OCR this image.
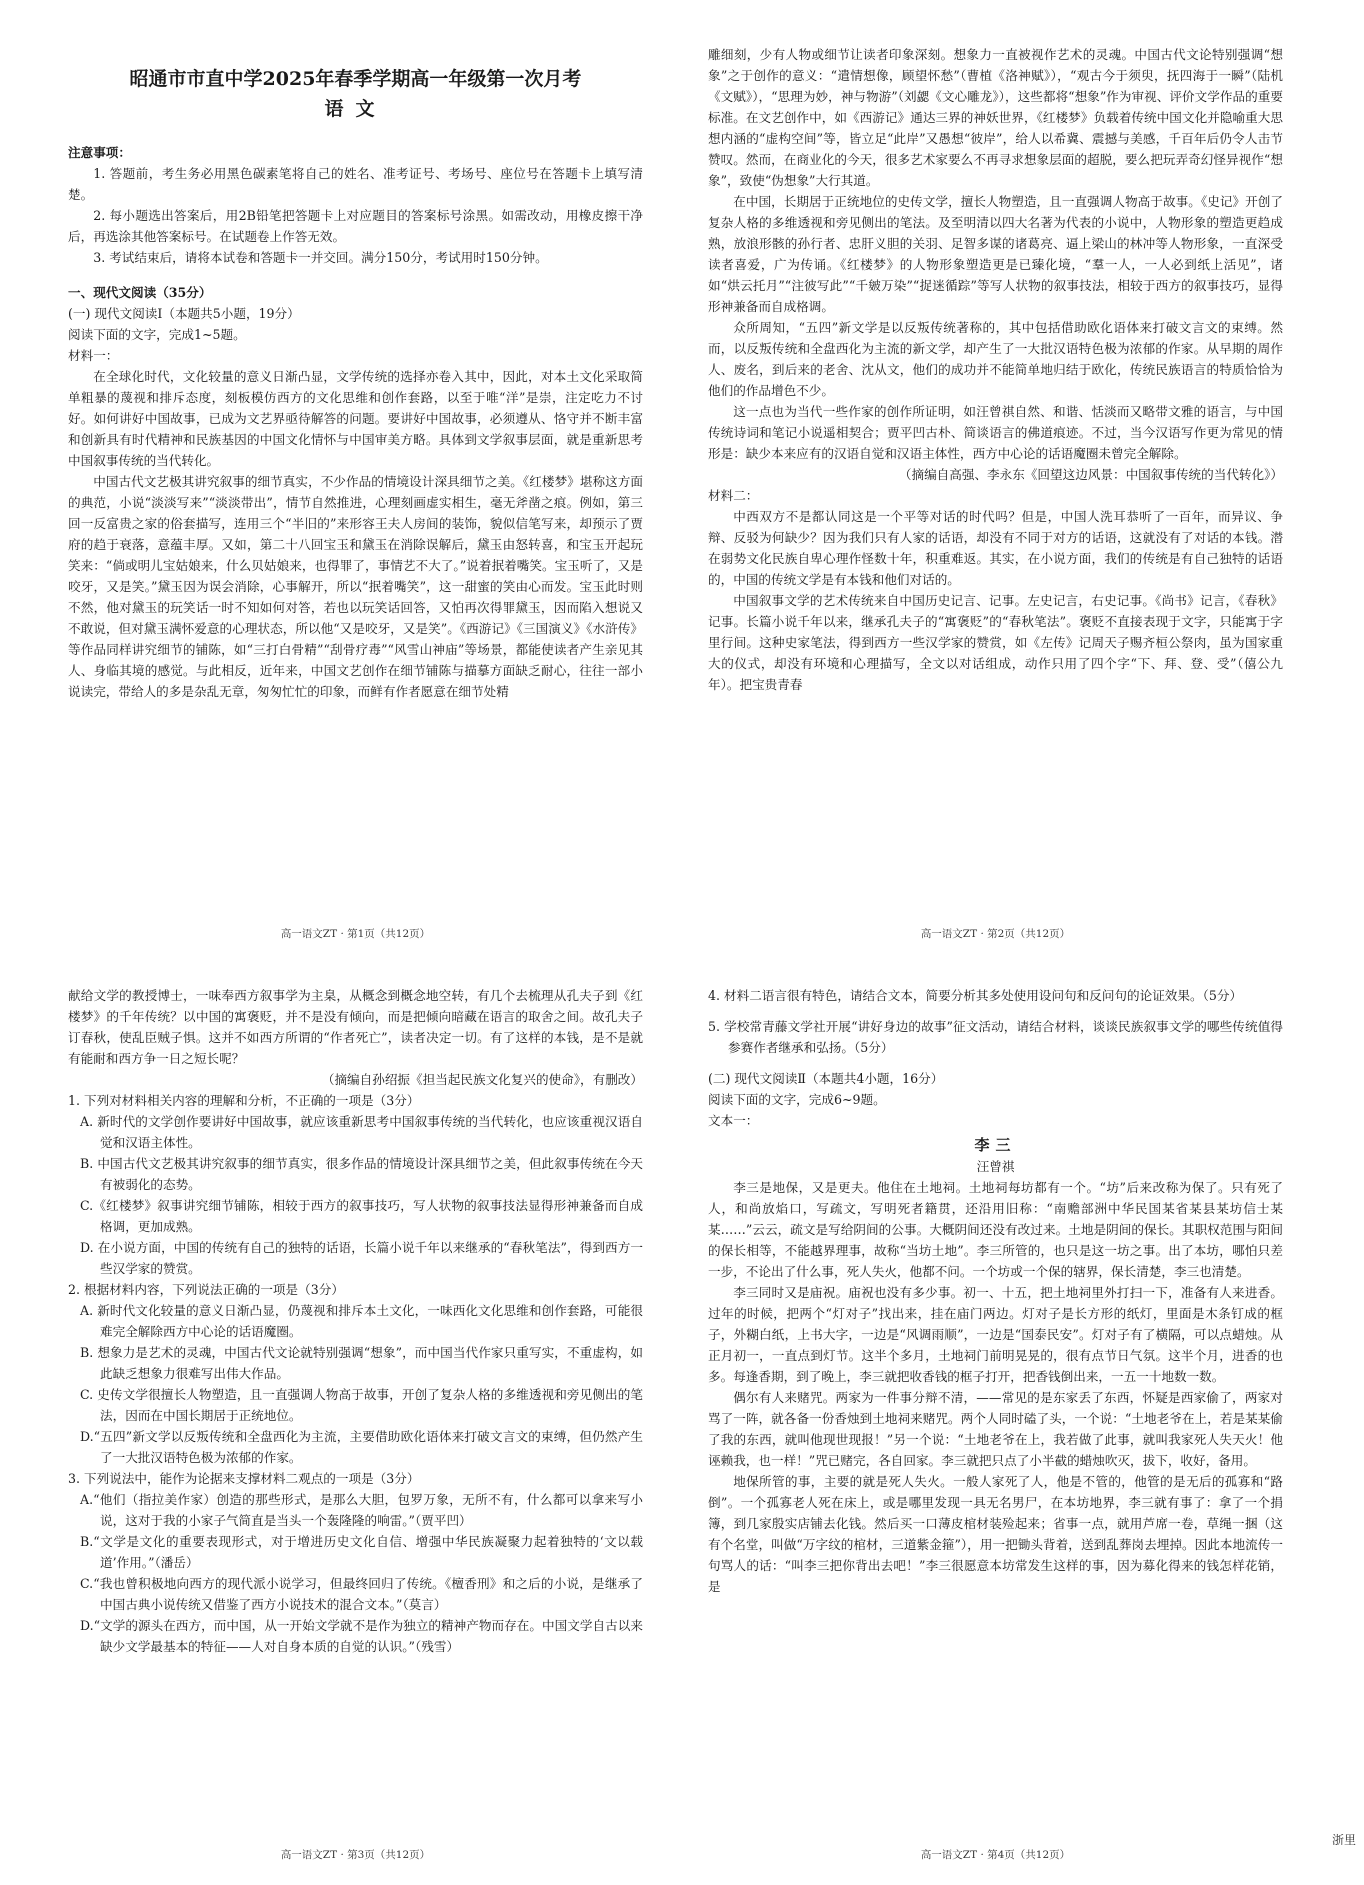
昭通市市直中学2025年春季学期高一年级第一次月考

语文

注意事项：

1. 答题前，考生务必用黑色碳素笔将自己的姓名、准考证号、考场号、座位号在答题卡上填写清楚。

2. 每小题选出答案后，用2B铅笔把答题卡上对应题目的答案标号涂黑。如需改动，用橡皮擦干净后，再选涂其他答案标号。在试题卷上作答无效。

3. 考试结束后，请将本试卷和答题卡一并交回。满分150分，考试用时150分钟。

一、现代文阅读（35分）

(一) 现代文阅读Ⅰ（本题共5小题，19分）

阅读下面的文字，完成1~5题。

材料一：

在全球化时代，文化较量的意义日渐凸显，文学传统的选择亦卷入其中，因此，对本土文化采取简单粗暴的蔑视和排斥态度，刻板模仿西方的文化思维和创作套路，以至于唯“洋”是崇，注定吃力不讨好。如何讲好中国故事，已成为文艺界亟待解答的问题。要讲好中国故事，必须遵从、恪守并不断丰富和创新具有时代精神和民族基因的中国文化情怀与中国审美方略。具体到文学叙事层面，就是重新思考中国叙事传统的当代转化。

中国古代文艺极其讲究叙事的细节真实，不少作品的情境设计深具细节之美。《红楼梦》堪称这方面的典范，小说“淡淡写来”“淡淡带出”，情节自然推进，心理刻画虚实相生，毫无斧凿之痕。例如，第三回一反富贵之家的俗套描写，连用三个“半旧的”来形容王夫人房间的装饰，貌似信笔写来，却预示了贾府的趋于衰落，意蕴丰厚。又如，第二十八回宝玉和黛玉在消除误解后，黛玉由怒转喜，和宝玉开起玩笑来：“倘或明儿宝姑娘来，什么贝姑娘来，也得罪了，事情艺不大了。”说着抿着嘴笑。宝玉听了，又是咬牙，又是笑。”黛玉因为误会消除，心事解开，所以“抿着嘴笑”，这一甜蜜的笑由心而发。宝玉此时则不然，他对黛玉的玩笑话一时不知如何对答，若也以玩笑话回答，又怕再次得罪黛玉，因而陷入想说又不敢说，但对黛玉满怀爱意的心理状态，所以他“又是咬牙，又是笑”。《西游记》《三国演义》《水浒传》等作品同样讲究细节的铺陈，如“三打白骨精”“刮骨疗毒”“风雪山神庙”等场景，都能使读者产生亲见其人、身临其境的感觉。与此相反，近年来，中国文艺创作在细节铺陈与描摹方面缺乏耐心，往往一部小说读完，带给人的多是杂乱无章，匆匆忙忙的印象，而鲜有作者愿意在细节处精

高一语文ZT · 第1页（共12页）

雕细刻，少有人物或细节让读者印象深刻。想象力一直被视作艺术的灵魂。中国古代文论特别强调“想象”之于创作的意义：“遣情想像，顾望怀愁”（曹植《洛神赋》），“观古今于须臾，抚四海于一瞬”（陆机《文赋》），“思理为妙，神与物游”（刘勰《文心雕龙》），这些都将“想象”作为审视、评价文学作品的重要标准。在文艺创作中，如《西游记》通达三界的神妖世界，《红楼梦》负载着传统中国文化并隐喻重大思想内涵的“虚构空间”等，皆立足“此岸”又愚想“彼岸”，给人以希冀、震撼与美感，千百年后仍令人击节赞叹。然而，在商业化的今天，很多艺术家要么不再寻求想象层面的超脱，要么把玩弄奇幻怪异视作“想象”，致使“伪想象”大行其道。

在中国，长期居于正统地位的史传文学，擅长人物塑造，且一直强调人物高于故事。《史记》开创了复杂人格的多维透视和旁见侧出的笔法。及至明清以四大名著为代表的小说中，人物形象的塑造更趋成熟，放浪形骸的孙行者、忠肝义胆的关羽、足智多谋的诸葛亮、逼上梁山的林冲等人物形象，一直深受读者喜爱，广为传诵。《红楼梦》的人物形象塑造更是已臻化境，“羣一人，一人必到纸上活见”，诸如“烘云托月”“注彼写此”“千皴万染”“捉迷循踪”等写人状物的叙事技法，相较于西方的叙事技巧，显得形神兼备而自成格调。

众所周知，“五四”新文学是以反叛传统著称的，其中包括借助欧化语体来打破文言文的束缚。然而，以反叛传统和全盘西化为主流的新文学，却产生了一大批汉语特色极为浓郁的作家。从早期的周作人、废名，到后来的老舍、沈从文，他们的成功并不能简单地归结于欧化，传统民族语言的特质恰恰为他们的作品增色不少。

这一点也为当代一些作家的创作所证明，如汪曾祺自然、和谐、恬淡而又略带文雅的语言，与中国传统诗词和笔记小说遥相契合；贾平凹古朴、简谈语言的佛道痕迹。不过，当今汉语写作更为常见的情形是：缺少本来应有的汉语自觉和汉语主体性，西方中心论的话语魔圈未曾完全解除。

（摘编自高强、李永东《回望这边风景：中国叙事传统的当代转化》）

材料二：

中西双方不是都认同这是一个平等对话的时代吗？但是，中国人洗耳恭听了一百年，而异议、争辩、反驳为何缺少？因为我们只有人家的话语，却没有不同于对方的话语，这就没有了对话的本钱。潜在弱势文化民族自卑心理作怪数十年，积重难返。其实，在小说方面，我们的传统是有自己独特的话语的，中国的传统文学是有本钱和他们对话的。

中国叙事文学的艺术传统来自中国历史记言、记事。左史记言，右史记事。《尚书》记言，《春秋》记事。长篇小说千年以来，继承孔夫子的“寓褒贬”的“春秋笔法”。褒贬不直接表现于文字，只能寓于字里行间。这种史家笔法，得到西方一些汉学家的赞赏，如《左传》记周天子赐齐桓公祭肉，虽为国家重大的仪式，却没有环境和心理描写，全文以对话组成，动作只用了四个字“下、拜、登、受”（僖公九年）。把宝贵青春

高一语文ZT · 第2页（共12页）

献给文学的教授博士，一味奉西方叙事学为主臬，从概念到概念地空转，有几个去梳理从孔夫子到《红楼梦》的千年传统？以中国的寓褒贬，并不是没有倾向，而是把倾向暗藏在语言的取舍之间。故孔夫子订春秋，使乱臣贼子惧。这并不如西方所谓的“作者死亡”，读者决定一切。有了这样的本钱，是不是就有能耐和西方争一日之短长呢？

（摘编自孙绍振《担当起民族文化复兴的使命》，有删改）

1. 下列对材料相关内容的理解和分析，不正确的一项是（3分）

A. 新时代的文学创作要讲好中国故事，就应该重新思考中国叙事传统的当代转化，也应该重视汉语自觉和汉语主体性。

B. 中国古代文艺极其讲究叙事的细节真实，很多作品的情境设计深具细节之美，但此叙事传统在今天有被弱化的态势。

C.《红楼梦》叙事讲究细节铺陈，相较于西方的叙事技巧，写人状物的叙事技法显得形神兼备而自成格调，更加成熟。

D. 在小说方面，中国的传统有自己的独特的话语，长篇小说千年以来继承的“春秋笔法”，得到西方一些汉学家的赞赏。

2. 根据材料内容，下列说法正确的一项是（3分）

A. 新时代文化较量的意义日渐凸显，仍蔑视和排斥本土文化，一味西化文化思维和创作套路，可能很难完全解除西方中心论的话语魔圈。

B. 想象力是艺术的灵魂，中国古代文论就特别强调“想象”，而中国当代作家只重写实，不重虚构，如此缺乏想象力很难写出伟大作品。

C. 史传文学很擅长人物塑造，且一直强调人物高于故事，开创了复杂人格的多维透视和旁见侧出的笔法，因而在中国长期居于正统地位。

D.“五四”新文学以反叛传统和全盘西化为主流，主要借助欧化语体来打破文言文的束缚，但仍然产生了一大批汉语特色极为浓郁的作家。

3. 下列说法中，能作为论据来支撑材料二观点的一项是（3分）

A.“他们（指拉美作家）创造的那些形式，是那么大胆，包罗万象，无所不有，什么都可以拿来写小说，这对于我的小家子气简直是当头一个轰隆隆的响雷。”（贾平凹）

B.“文学是文化的重要表现形式，对于增进历史文化自信、增强中华民族凝聚力起着独特的‘文以载道’作用。”（潘岳）

C.“我也曾积极地向西方的现代派小说学习，但最终回归了传统。《檀香刑》和之后的小说，是继承了中国古典小说传统又借鉴了西方小说技术的混合文本。”（莫言）

D.“文学的源头在西方，而中国，从一开始文学就不是作为独立的精神产物而存在。中国文学自古以来缺少文学最基本的特征——人对自身本质的自觉的认识。”（残雪）

高一语文ZT · 第3页（共12页）

4. 材料二语言很有特色，请结合文本，简要分析其多处使用设问句和反问句的论证效果。（5分）

5. 学校常青藤文学社开展“讲好身边的故事”征文活动，请结合材料，谈谈民族叙事文学的哪些传统值得参赛作者继承和弘扬。（5分）

(二) 现代文阅读Ⅱ（本题共4小题，16分）

阅读下面的文字，完成6~9题。

文本一：

李三

汪曾祺

李三是地保，又是更夫。他住在土地祠。土地祠每坊都有一个。“坊”后来改称为保了。只有死了人，和尚放焰口，写疏文，写明死者籍贯，还沿用旧称：“南赡部洲中华民国某省某县某坊信士某某……”云云，疏文是写给阴间的公事。大概阴间还没有改过来。土地是阴间的保长。其职权范围与阳间的保长相等，不能越界理事，故称“当坊土地”。李三所管的，也只是这一坊之事。出了本坊，哪怕只差一步，不论出了什么事，死人失火，他都不问。一个坊或一个保的辖界，保长清楚，李三也清楚。

李三同时又是庙祝。庙祝也没有多少事。初一、十五，把土地祠里外打扫一下，准备有人来进香。过年的时候，把两个“灯对子”找出来，挂在庙门两边。灯对子是长方形的纸灯，里面是木条钉成的框子，外糊白纸，上书大字，一边是“风调雨顺”，一边是“国泰民安”。灯对子有了横隔，可以点蜡烛。从正月初一，一直点到灯节。这半个多月，土地祠门前明晃晃的，很有点节日气氛。这半个月，进香的也多。每逢香期，到了晚上，李三就把收香钱的框子打开，把香钱倒出来，一五一十地数一数。

偶尔有人来赌咒。两家为一件事分辩不清，——常见的是东家丢了东西，怀疑是西家偷了，两家对骂了一阵，就各备一份香烛到土地祠来赌咒。两个人同时磕了头，一个说：“土地老爷在上，若是某某偷了我的东西，就叫他现世现报！”另一个说：“土地老爷在上，我若做了此事，就叫我家死人失天火！他诬赖我，也一样！”咒已赌完，各自回家。李三就把只点了小半截的蜡烛吹灭，拔下，收好，备用。

地保所管的事，主要的就是死人失火。一般人家死了人，他是不管的，他管的是无后的孤寡和“路倒”。一个孤寡老人死在床上，或是哪里发现一具无名男尸，在本坊地界，李三就有事了：拿了一个捐簿，到几家殷实店铺去化钱。然后买一口薄皮棺材装殓起来；省事一点，就用芦席一卷，草绳一捆（这有个名堂，叫做“万字纹的棺材，三道紫金箍”），用一把锄头背着，送到乱葬岗去埋掉。因此本地流传一句骂人的话：“叫李三把你背出去吧！”李三很愿意本坊常发生这样的事，因为募化得来的钱怎样花销，是

高一语文ZT · 第4页（共12页）
浙里
